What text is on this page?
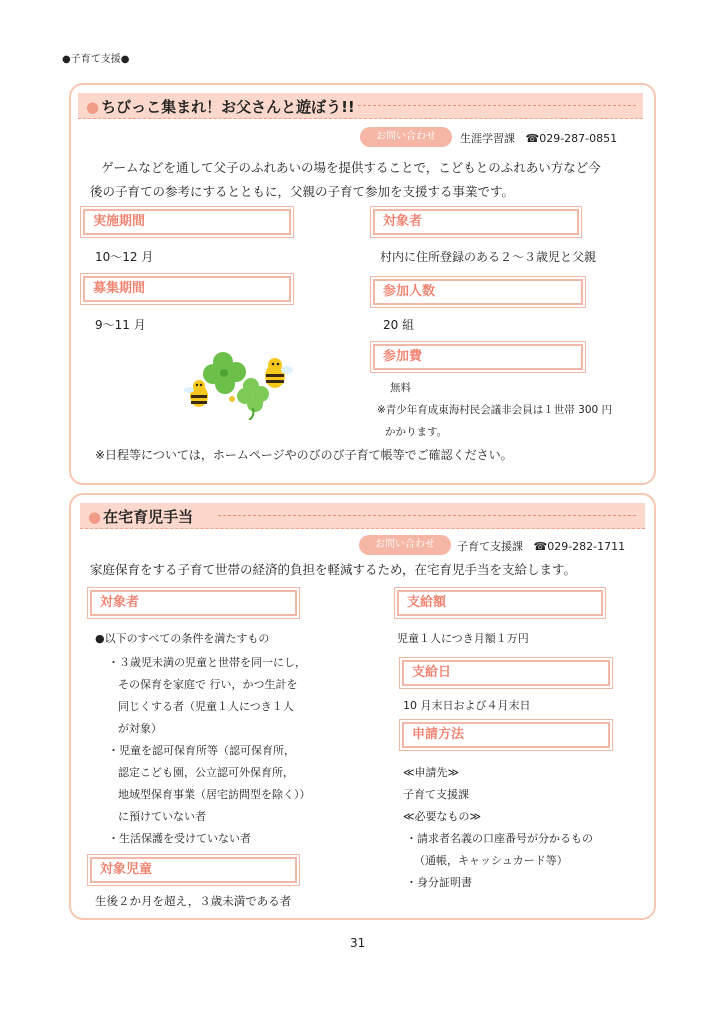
●子育て支援●
● ちびっこ集まれ！お父さんと遊ぼう!!
お問い合わせ	生涯学習課 ☎029-287-0851
ゲームなどを通して父子のふれあいの場を提供することで，こどもとのふれあい方など今
後の子育ての参考にするとともに，父親の子育て参加を支援する事業です。
実施期間
10～12 月
対象者
村内に住所登録のある２～３歳児と父親
募集期間
9～11 月
参加人数
20 組
参加費
無料
※青少年育成東海村民会議非会員は１世帯 300 円
かかります。
※日程等については，ホームページやのびのび子育て帳等でご確認ください。
● 在宅育児手当
お問い合わせ	子育て支援課 ☎029-282-1711
家庭保育をする子育て世帯の経済的負担を軽減するため，在宅育児手当を支給します。
対象者
●以下のすべての条件を満たすもの
・３歳児未満の児童と世帯を同一にし，
その保育を家庭で 行い，かつ生計を
同じくする者（児童１人につき１人
が対象）
・児童を認可保育所等（認可保育所，
認定こども園，公立認可外保育所，
地域型保育事業（居宅訪問型を除く））
に預けていない者
・生活保護を受けていない者
対象児童
生後２か月を超え，３歳未満である者
支給額
児童１人につき月額１万円
支給日
10 月末日および４月末日
申請方法
≪申請先≫
子育て支援課
≪必要なもの≫
・請求者名義の口座番号が分かるもの
（通帳，キャッシュカード等）
・身分証明書
31
